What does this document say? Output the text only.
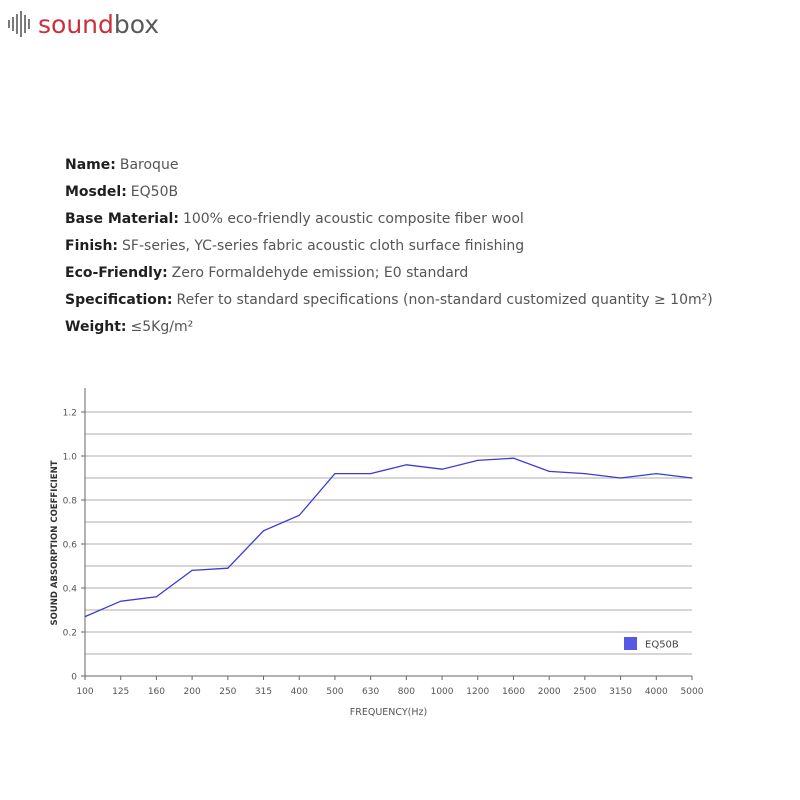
soundbox
Name: Baroque
Mosdel: EQ50B
Base Material: 100% eco-friendly acoustic composite fiber wool
Finish: SF-series, YC-series fabric acoustic cloth surface finishing
Eco-Friendly: Zero Formaldehyde emission; E0 standard
Specification: Refer to standard specifications (non-standard customized quantity ≥ 10m²)
Weight: ≤5Kg/m²
0
0.2
0.4
0.6
0.8
1.0
1.2
100 125 160 200 250 315 400 500 630 800 1000 1200 1600 2000 2500 3150 4000 5000
FREQUENCY(Hz)
SOUND ABSORPTION COEFFICIENT
EQ50B
